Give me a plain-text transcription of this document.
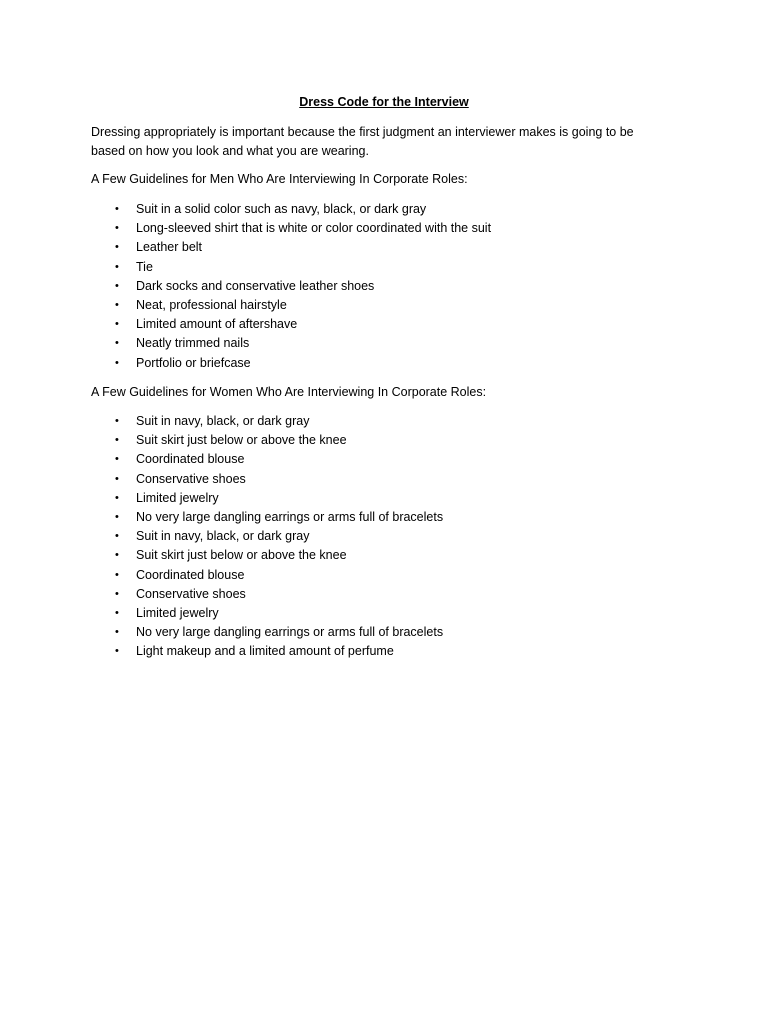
Dress Code for the Interview
Dressing appropriately is important because the first judgment an interviewer makes is going to be based on how you look and what you are wearing.
A Few Guidelines for Men Who Are Interviewing In Corporate Roles:
• Suit in a solid color such as navy, black, or dark gray
• Long-sleeved shirt that is white or color coordinated with the suit
• Leather belt
• Tie
• Dark socks and conservative leather shoes
• Neat, professional hairstyle
• Limited amount of aftershave
• Neatly trimmed nails
• Portfolio or briefcase
A Few Guidelines for Women Who Are Interviewing In Corporate Roles:
• Suit in navy, black, or dark gray
• Suit skirt just below or above the knee
• Coordinated blouse
• Conservative shoes
• Limited jewelry
• No very large dangling earrings or arms full of bracelets
• Suit in navy, black, or dark gray
• Suit skirt just below or above the knee
• Coordinated blouse
• Conservative shoes
• Limited jewelry
• No very large dangling earrings or arms full of bracelets
• Light makeup and a limited amount of perfume
